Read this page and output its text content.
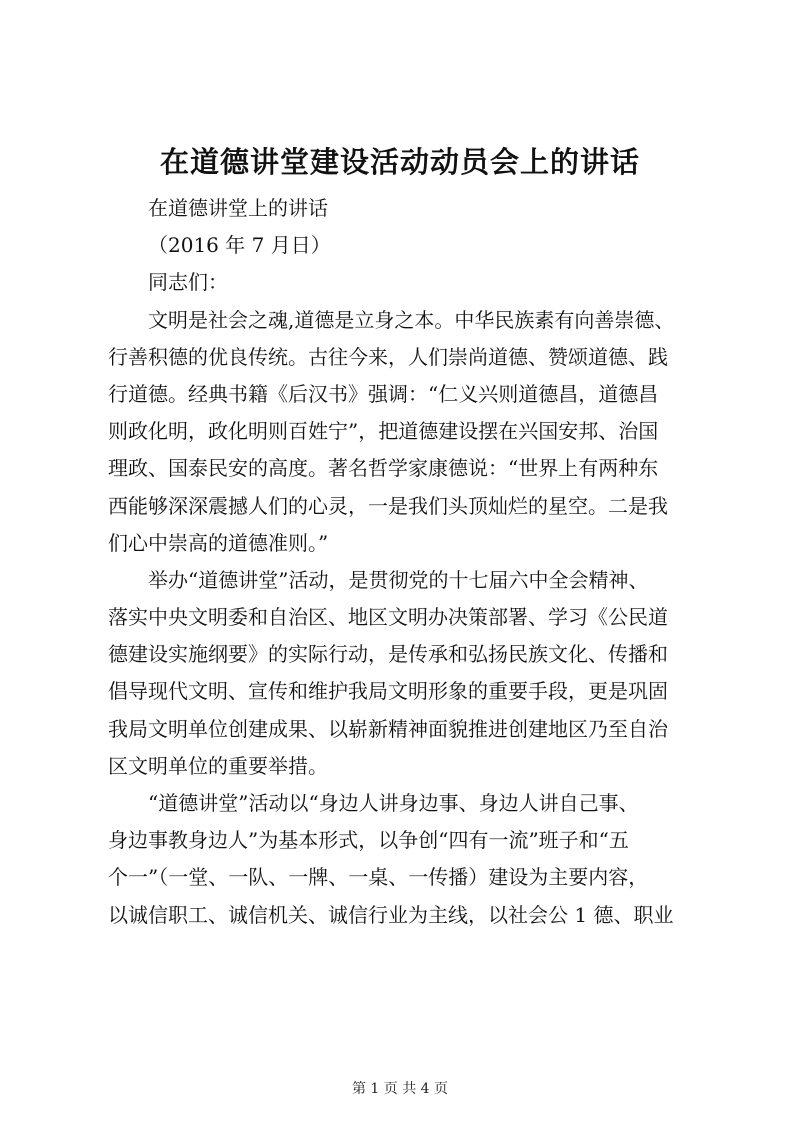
在道德讲堂建设活动动员会上的讲话
在道德讲堂上的讲话
（2016 年 7 月日）
同志们：
文明是社会之魂,道德是立身之本。中华民族素有向善崇德、
行善积德的优良传统。古往今来，人们崇尚道德、赞颂道德、践
行道德。经典书籍《后汉书》强调：“仁义兴则道德昌，道德昌
则政化明，政化明则百姓宁”，把道德建设摆在兴国安邦、治国
理政、国泰民安的高度。著名哲学家康德说：“世界上有两种东
西能够深深震撼人们的心灵，一是我们头顶灿烂的星空。二是我
们心中崇高的道德准则。”
举办“道德讲堂”活动，是贯彻党的十七届六中全会精神、
落实中央文明委和自治区、地区文明办决策部署、学习《公民道
德建设实施纲要》的实际行动，是传承和弘扬民族文化、传播和
倡导现代文明、宣传和维护我局文明形象的重要手段，更是巩固
我局文明单位创建成果、以崭新精神面貌推进创建地区乃至自治
区文明单位的重要举措。
“道德讲堂”活动以“身边人讲身边事、身边人讲自己事、
身边事教身边人”为基本形式，以争创“四有一流”班子和“五
个一”（一堂、一队、一牌、一桌、一传播）建设为主要内容，
以诚信职工、诚信机关、诚信行业为主线，以社会公 1 德、职业
第 1 页 共 4 页
